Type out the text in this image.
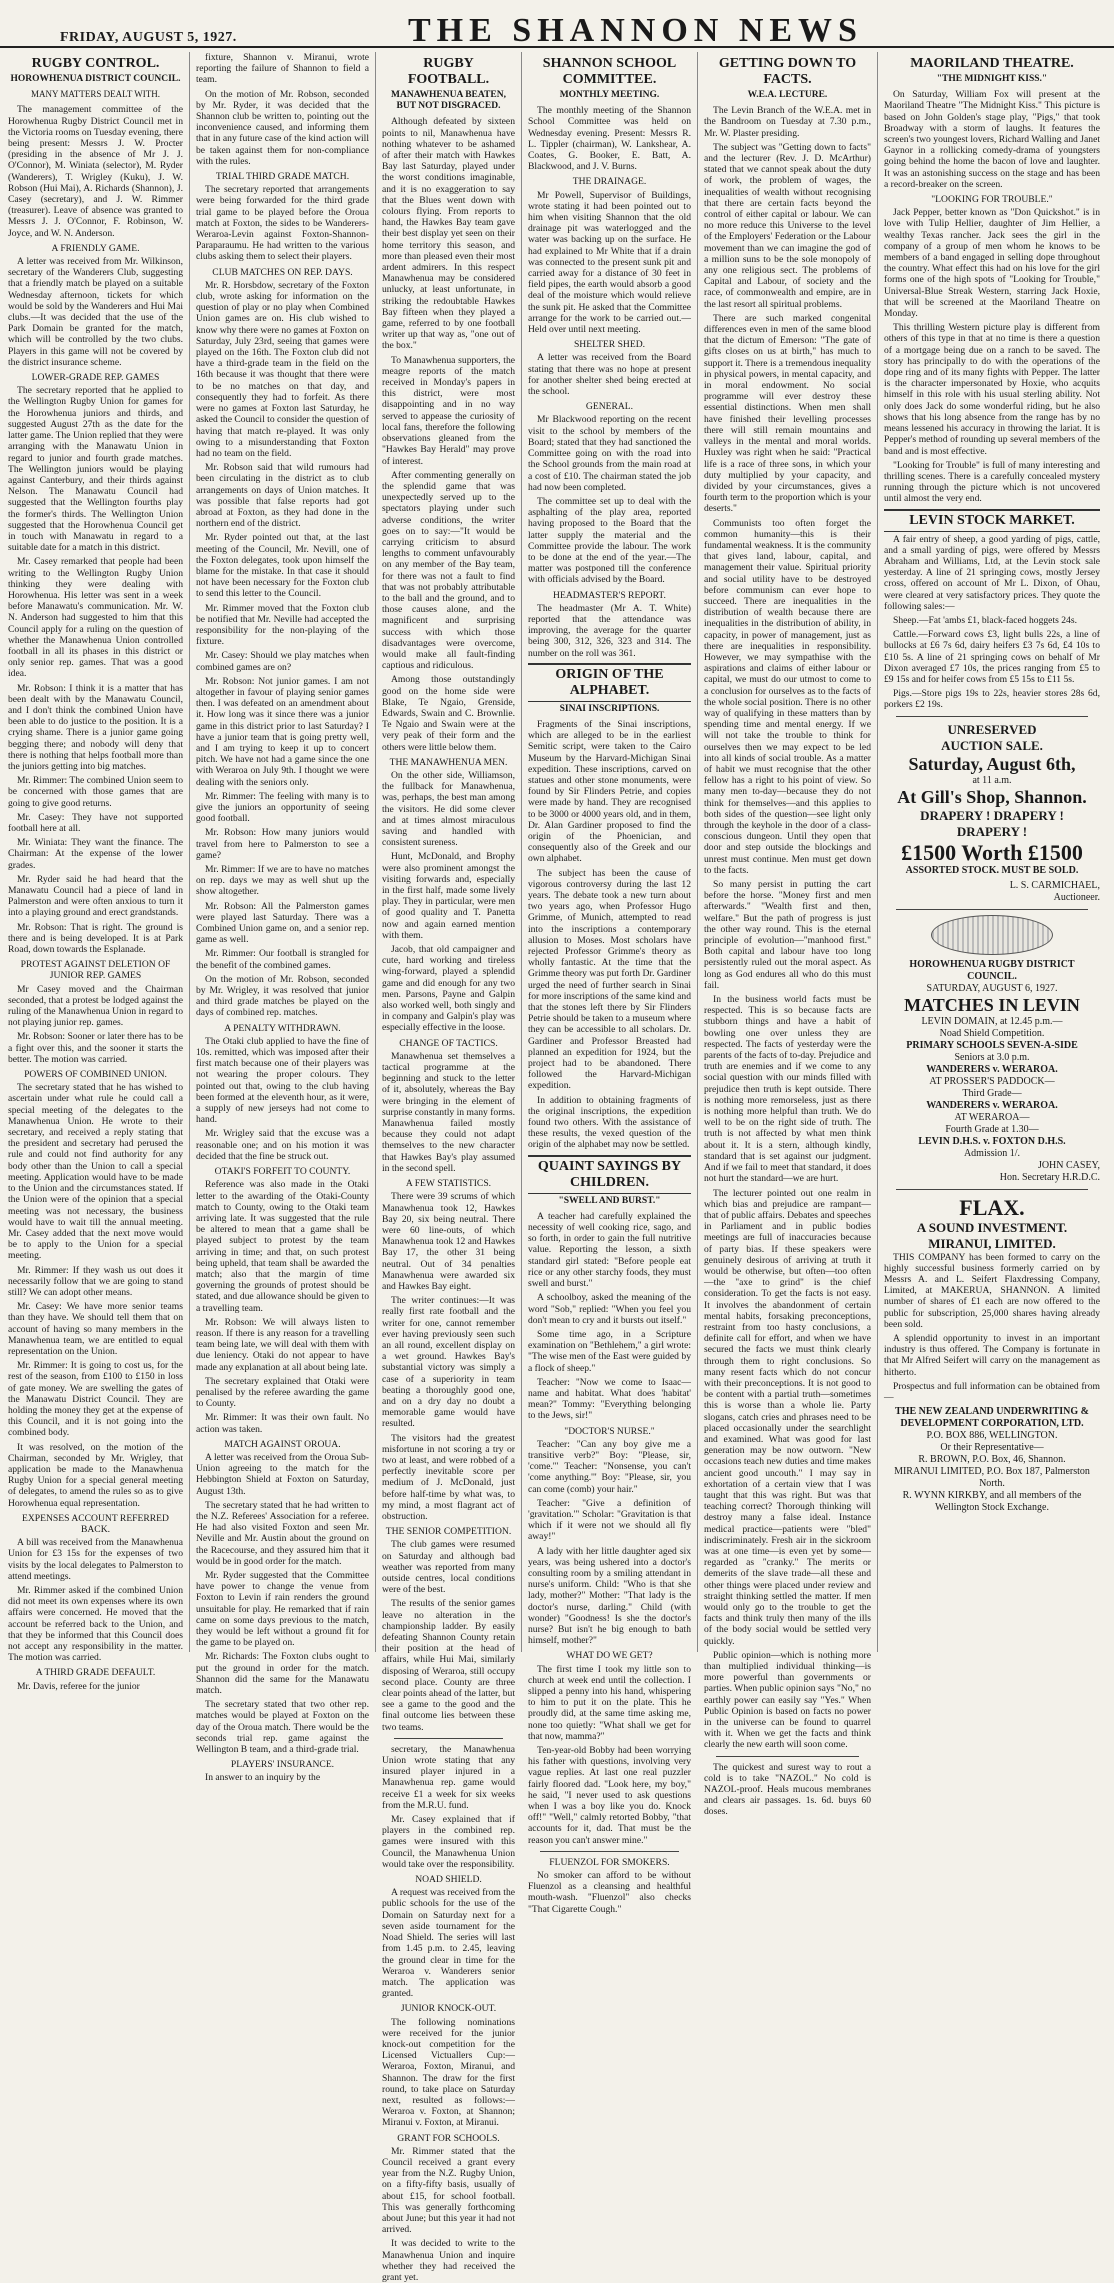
FRIDAY, AUGUST 5, 1927.	THE SHANNON NEWS
RUGBY CONTROL.
HOROWHENUA DISTRICT COUNCIL.
MANY MATTERS DEALT WITH.

The management committee of the Horowhenua Rugby District Council met in the Victoria rooms on Tuesday evening, there being present: Messrs J. W. Procter (presiding in the absence of Mr J. J. O'Connor), M. Winiata (selector), M. Ryder (Wanderers), T. Wrigley (Kuku), J. W. Robson (Hui Mai), A. Richards (Shannon), J. Casey (secretary), and J. W. Rimmer (treasurer). Leave of absence was granted to Messrs J. J. O'Connor, F. Robinson, W. Joyce, and W. N. Anderson.

A FRIENDLY GAME.

A letter was received from Mr. Wilkinson, secretary of the Wanderers Club, suggesting that a friendly match be played on a suitable Wednesday afternoon, tickets for which would be sold by the Wanderers and Hui Mai clubs.—It was decided that the use of the Park Domain be granted for the match, which will be controlled by the two clubs. Players in this game will not be covered by the district insurance scheme.

LOWER-GRADE REP. GAMES

The secretary reported that he applied to the Wellington Rugby Union for games for the Horowhenua juniors and thirds, and suggested August 27th as the date for the latter game. The Union replied that they were arranging with the Manawatu Union in regard to junior and fourth grade matches. The Wellington juniors would be playing against Canterbury, and their thirds against Nelson. The Manawatu Council had suggested that the Wellington fourths play the former's thirds. The Wellington Union suggested that the Horowhenua Council get in touch with Manawatu in regard to a suitable date for a match in this district.

Mr. Casey remarked that people had been writing to the Wellington Rugby Union thinking they were dealing with Horowhenua. His letter was sent in a week before Manawatu's communication. Mr. W. N. Anderson had suggested to him that this Council apply for a ruling on the question of whether the Manawhenua Union controlled football in all its phases in this district or only senior rep. games. That was a good idea.

Mr. Robson: I think it is a matter that has been dealt with by the Manawatu Council, and I don't think the combined Union have been able to do justice to the position. It is a crying shame. There is a junior game going begging there; and nobody will deny that there is nothing that helps football more than the juniors getting into big matches.

Mr. Rimmer: The combined Union seem to be concerned with those games that are going to give good returns.

Mr. Casey: They have not supported football here at all.

Mr. Winiata: They want the finance. The Chairman: At the expense of the lower grades.

Mr. Ryder said he had heard that the Manawatu Council had a piece of land in Palmerston and were often anxious to turn it into a playing ground and erect grandstands.

Mr. Robson: That is right. The ground is there and is being developed. It is at Park Road, down towards the Esplanade.

PROTEST AGAINST DELETION OF JUNIOR REP. GAMES

Mr Casey moved and the Chairman seconded, that a protest be lodged against the ruling of the Manawhenua Union in regard to not playing junior rep. games.

Mr. Robson: Sooner or later there has to be a fight over this, and the sooner it starts the better. The motion was carried.

POWERS OF COMBINED UNION.

The secretary stated that he has wished to ascertain under what rule he could call a special meeting of the delegates to the Manawhenua Union. He wrote to their secretary, and received a reply stating that the president and secretary had perused the rule and could not find authority for any body other than the Union to call a special meeting. Application would have to be made to the Union and the circumstances stated. If the Union were of the opinion that a special meeting was not necessary, the business would have to wait till the annual meeting. Mr. Casey added that the next move would be to apply to the Union for a special meeting.

Mr. Rimmer: If they wash us out does it necessarily follow that we are going to stand still? We can adopt other means.

Mr. Casey: We have more senior teams than they have. We should tell them that on account of having so many members in the Manawhenua team, we are entitled to equal representation on the Union.

Mr. Rimmer: It is going to cost us, for the rest of the season, from £100 to £150 in loss of gate money. We are swelling the gates of the Manawatu District Council. They are holding the money they get at the expense of this Council, and it is not going into the combined body.

It was resolved, on the motion of the Chairman, seconded by Mr. Wrigley, that application be made to the Manawhenua Rugby Union for a special general meeting of delegates, to amend the rules so as to give Horowhenua equal representation.

EXPENSES ACCOUNT REFERRED BACK.

A bill was received from the Manawhenua Union for £3 15s for the expenses of two visits by the local delegates to Palmerston to attend meetings.

Mr. Rimmer asked if the combined Union did not meet its own expenses where its own affairs were concerned. He moved that the account be referred back to the Union, and that they be informed that this Council does not accept any responsibility in the matter. The motion was carried.

A THIRD GRADE DEFAULT.

Mr. Davis, referee for the junior

fixture, Shannon v. Miranui, wrote reporting the failure of Shannon to field a team.

On the motion of Mr. Robson, seconded by Mr. Ryder, it was decided that the Shannon club be written to, pointing out the inconvenience caused, and informing them that in any future case of the kind action will be taken against them for non-compliance with the rules.

TRIAL THIRD GRADE MATCH.

The secretary reported that arrangements were being forwarded for the third grade trial game to be played before the Oroua match at Foxton, the sides to be Wanderers-Weraroa-Levin against Foxton-Shannon-Paraparaumu. He had written to the various clubs asking them to select their players.

CLUB MATCHES ON REP. DAYS.

Mr. R. Horsbdow, secretary of the Foxton club, wrote asking for information on the question of play or no play when Combined Union games are on. His club wished to know why there were no games at Foxton on Saturday, July 23rd, seeing that games were played on the 16th. The Foxton club did not have a third-grade team in the field on the 16th because it was thought that there were to be no matches on that day, and consequently they had to forfeit. As there were no games at Foxton last Saturday, he asked the Council to consider the question of having that match re-played. It was only owing to a misunderstanding that Foxton had no team on the field.

Mr. Robson said that wild rumours had been circulating in the district as to club arrangements on days of Union matches. It was possible that false reports had got abroad at Foxton, as they had done in the northern end of the district.

Mr. Ryder pointed out that, at the last meeting of the Council, Mr. Nevill, one of the Foxton delegates, took upon himself the blame for the mistake. In that case it should not have been necessary for the Foxton club to send this letter to the Council.

Mr. Rimmer moved that the Foxton club be notified that Mr. Neville had accepted the responsibility for the non-playing of the fixture.

Mr. Casey: Should we play matches when combined games are on?

Mr. Robson: Not junior games. I am not altogether in favour of playing senior games then. I was defeated on an amendment about it. How long was it since there was a junior game in this district prior to last Saturday? I have a junior team that is going pretty well, and I am trying to keep it up to concert pitch. We have not had a game since the one with Weraroa on July 9th. I thought we were dealing with the seniors only.

Mr. Rimmer: The feeling with many is to give the juniors an opportunity of seeing good football.

Mr. Robson: How many juniors would travel from here to Palmerston to see a game?

Mr. Rimmer: If we are to have no matches on rep. days we may as well shut up the show altogether.

Mr. Robson: All the Palmerston games were played last Saturday. There was a Combined Union game on, and a senior rep. game as well.

Mr. Rimmer: Our football is strangled for the benefit of the combined games.

On the motion of Mr. Robson, seconded by Mr. Wrigley, it was resolved that junior and third grade matches be played on the days of combined rep. matches.

A PENALTY WITHDRAWN.

The Otaki club applied to have the fine of 10s. remitted, which was imposed after their first match because one of their players was not wearing the proper colours. They pointed out that, owing to the club having been formed at the eleventh hour, as it were, a supply of new jerseys had not come to hand.

Mr. Wrigley said that the excuse was a reasonable one; and on his motion it was decided that the fine be struck out.

OTAKI'S FORFEIT TO COUNTY.

Reference was also made in the Otaki letter to the awarding of the Otaki-County match to County, owing to the Otaki team arriving late. It was suggested that the rule be altered to mean that a game shall be played subject to protest by the team arriving in time; and that, on such protest being upheld, that team shall be awarded the match; also that the margin of time governing the grounds of protest should be stated, and due allowance should be given to a travelling team.

Mr. Robson: We will always listen to reason. If there is any reason for a travelling team being late, we will deal with them with due leniency. Otaki do not appear to have made any explanation at all about being late.

The secretary explained that Otaki were penalised by the referee awarding the game to County.

Mr. Rimmer: It was their own fault. No action was taken.

MATCH AGAINST OROUA.

A letter was received from the Oroua Sub-Union agreeing to the match for the Hebbington Shield at Foxton on Saturday, August 13th.

The secretary stated that he had written to the N.Z. Referees' Association for a referee. He had also visited Foxton and seen Mr. Neville and Mr. Austin about the ground on the Racecourse, and they assured him that it would be in good order for the match.

Mr. Ryder suggested that the Committee have power to change the venue from Foxton to Levin if rain renders the ground unsuitable for play. He remarked that if rain came on some days previous to the match, they would be left without a ground fit for the game to be played on.

Mr. Richards: The Foxton clubs ought to put the ground in order for the match. Shannon did the same for the Manawatu match.

The secretary stated that two other rep. matches would be played at Foxton on the day of the Oroua match. There would be the seconds trial rep. game against the Wellington B team, and a third-grade trial.

PLAYERS' INSURANCE.

In answer to an inquiry by the

RUGBY FOOTBALL.
MANAWHENUA BEATEN, BUT NOT DISGRACED.

Although defeated by sixteen points to nil, Manawhenua have nothing whatever to be ashamed of after their match with Hawkes Bay last Saturday, played under the worst conditions imaginable, and it is no exaggeration to say that the Blues went down with colours flying. From reports to hand, the Hawkes Bay team gave their best display yet seen on their home territory this season, and more than pleased even their most ardent admirers. In this respect Manawhenua may be considered unlucky, at least unfortunate, in striking the redoubtable Hawkes Bay fifteen when they played a game, referred to by one football writer up that way as, "one out of the box."

To Manawhenua supporters, the meagre reports of the match received in Monday's papers in this district, were most disappointing and in no way served to appease the curiosity of local fans, therefore the following observations gleaned from the "Hawkes Bay Herald" may prove of interest.

After commenting generally on the splendid game that was unexpectedly served up to the spectators playing under such adverse conditions, the writer goes on to say:—"It would be carrying criticism to absurd lengths to comment unfavourably on any member of the Bay team, for there was not a fault to find that was not probably attributable to the ball and the ground, and to those causes alone, and the magnificent and surprising success with which those disadvantages were overcome, would make all fault-finding captious and ridiculous.

Among those outstandingly good on the home side were Blake, Te Ngaio, Grenside, Edwards, Swain and C. Brownlie. Te Ngaio and Swain were at the very peak of their form and the others were little below them.

THE MANAWHENUA MEN.

On the other side, Williamson, the fullback for Manawhenua, was, perhaps, the best man among the visitors. He did some clever and at times almost miraculous saving and handled with consistent sureness.

Hunt, McDonald, and Brophy were also prominent amongst the visiting forwards and, especially in the first half, made some lively play. They in particular, were men of good quality and T. Panetta now and again earned mention with them.

Jacob, that old campaigner and cute, hard working and tireless wing-forward, played a splendid game and did enough for any two men. Parsons, Payne and Galpin also worked well, both singly and in company and Galpin's play was especially effective in the loose.

CHANGE OF TACTICS.

Manawhenua set themselves a tactical programme at the beginning and stuck to the letter of it, absolutely, whereas the Bay were bringing in the element of surprise constantly in many forms. Manawhenua failed mostly because they could not adapt themselves to the new character that Hawkes Bay's play assumed in the second spell.

A FEW STATISTICS.

There were 39 scrums of which Manawhenua took 12, Hawkes Bay 20, six being neutral. There were 60 line-outs, of which Manawhenua took 12 and Hawkes Bay 17, the other 31 being neutral. Out of 34 penalties Manawhenua were awarded six and Hawkes Bay eight.

The writer continues:—It was really first rate football and the writer for one, cannot remember ever having previously seen such an all round, excellent display on a wet ground. Hawkes Bay's substantial victory was simply a case of a superiority in team beating a thoroughly good one, and on a dry day no doubt a memorable game would have resulted.

The visitors had the greatest misfortune in not scoring a try or two at least, and were robbed of a perfectly inevitable score per medium of J. McDonald, just before half-time by what was, to my mind, a most flagrant act of obstruction.

THE SENIOR COMPETITION.

The club games were resumed on Saturday and although bad weather was reported from many outside centres, local conditions were of the best.

The results of the senior games leave no alteration in the championship ladder. By easily defeating Shannon County retain their position at the head of affairs, while Hui Mai, similarly disposing of Weraroa, still occupy second place. County are three clear points ahead of the latter, but see a game to the good and the final outcome lies between these two teams.

secretary, the Manawhenua Union wrote stating that any insured player injured in a Manawhenua rep. game would receive £1 a week for six weeks from the M.R.U. fund.

Mr. Casey explained that if players in the combined rep. games were insured with this Council, the Manawhenua Union would take over the responsibility.

NOAD SHIELD.

A request was received from the public schools for the use of the Domain on Saturday next for a seven aside tournament for the Noad Shield. The series will last from 1.45 p.m. to 2.45, leaving the ground clear in time for the Weraroa v. Wanderers senior match. The application was granted.

JUNIOR KNOCK-OUT.

The following nominations were received for the junior knock-out competition for the Licensed Victuallers Cup:—Weraroa, Foxton, Miranui, and Shannon. The draw for the first round, to take place on Saturday next, resulted as follows:—Weraroa v. Foxton, at Shannon; Miranui v. Foxton, at Miranui.

GRANT FOR SCHOOLS.

Mr. Rimmer stated that the Council received a grant every year from the N.Z. Rugby Union, on a fifty-fifty basis, usually of about £15, for school football. This was generally forthcoming about June; but this year it had not arrived.

It was decided to write to the Manawhenua Union and inquire whether they had received the grant yet.

SHANNON SCHOOL COMMITTEE.
MONTHLY MEETING.

The monthly meeting of the Shannon School Committee was held on Wednesday evening. Present: Messrs R. L. Tippler (chairman), W. Lankshear, A. Coates, G. Booker, E. Batt, A. Blackwood, and J. V. Burns.

THE DRAINAGE.

Mr Powell, Supervisor of Buildings, wrote stating it had been pointed out to him when visiting Shannon that the old drainage pit was waterlogged and the water was backing up on the surface. He had explained to Mr White that if a drain was connected to the present sunk pit and carried away for a distance of 30 feet in field pipes, the earth would absorb a good deal of the moisture which would relieve the sunk pit. He asked that the Committee arrange for the work to be carried out.—Held over until next meeting.

SHELTER SHED.

A letter was received from the Board stating that there was no hope at present for another shelter shed being erected at the school.

GENERAL.

Mr Blackwood reporting on the recent visit to the school by members of the Board; stated that they had sanctioned the Committee going on with the road into the School grounds from the main road at a cost of £10. The chairman stated the job had now been completed.

The committee set up to deal with the asphalting of the play area, reported having proposed to the Board that the latter supply the material and the Committee provide the labour. The work to be done at the end of the year.—The matter was postponed till the conference with officials advised by the Board.

HEADMASTER'S REPORT.

The headmaster (Mr A. T. White) reported that the attendance was improving, the average for the quarter being 300, 312, 326, 323 and 314. The number on the roll was 361.

ORIGIN OF THE ALPHABET.
SINAI INSCRIPTIONS.

Fragments of the Sinai inscriptions, which are alleged to be in the earliest Semitic script, were taken to the Cairo Museum by the Harvard-Michigan Sinai expedition. These inscriptions, carved on statues and other stone monuments, were found by Sir Flinders Petrie, and copies were made by hand. They are recognised to be 3000 or 4000 years old, and in them, Dr. Alan Gardiner proposed to find the origin of the Phoenician, and consequently also of the Greek and our own alphabet.

The subject has been the cause of vigorous controversy during the last 12 years. The debate took a new turn about two years ago, when Professor Hugo Grimme, of Munich, attempted to read into the inscriptions a contemporary allusion to Moses. Most scholars have rejected Professor Grimme's theory as wholly fantastic. At the time that the Grimme theory was put forth Dr. Gardiner urged the need of further search in Sinai for more inscriptions of the same kind and that the stones left there by Sir Flinders Petrie should be taken to a museum where they can be accessible to all scholars. Dr. Gardiner and Professor Breasted had planned an expedition for 1924, but the project had to be abandoned. There followed the Harvard-Michigan expedition.

In addition to obtaining fragments of the original inscriptions, the expedition found two others. With the assistance of these results, the vexed question of the origin of the alphabet may now be settled.

QUAINT SAYINGS BY CHILDREN.
"SWELL AND BURST."

A teacher had carefully explained the necessity of well cooking rice, sago, and so forth, in order to gain the full nutritive value. Reporting the lesson, a sixth standard girl stated: "Before people eat rice or any other starchy foods, they must swell and burst."

A schoolboy, asked the meaning of the word "Sob," replied: "When you feel you don't mean to cry and it bursts out itself."

Some time ago, in a Scripture examination on "Bethlehem," a girl wrote: "The wise men of the East were guided by a flock of sheep."

Teacher: "Now we come to Isaac— name and habitat. What does 'habitat' mean?" Tommy: "Everything belonging to the Jews, sir!"

"DOCTOR'S NURSE."

Teacher: "Can any boy give me a transitive verb?" Boy: "Please, sir, 'come.'" Teacher: "Nonsense, you can't 'come anything.'" Boy: "Please, sir, you can come (comb) your hair."

Teacher: "Give a definition of 'gravitation.'" Scholar: "Gravitation is that which if it were not we should all fly away!"

A lady with her little daughter aged six years, was being ushered into a doctor's consulting room by a smiling attendant in nurse's uniform. Child: "Who is that she lady, mother?" Mother: "That lady is the doctor's nurse, darling." Child (with wonder) "Goodness! Is she the doctor's nurse? But isn't he big enough to bath himself, mother?"

WHAT DO WE GET?

The first time I took my little son to church at week end until the collection. I slipped a penny into his hand, whispering to him to put it on the plate. This he proudly did, at the same time asking me, none too quietly: "What shall we get for that now, mamma?"

Ten-year-old Bobby had been worrying his father with questions, involving very vague replies. At last one real puzzler fairly floored dad. "Look here, my boy," he said, "I never used to ask questions when I was a boy like you do. Knock off!" "Well," calmly retorted Bobby, "that accounts for it, dad. That must be the reason you can't answer mine."

FLUENZOL FOR SMOKERS.

No smoker can afford to be without Fluenzol as a cleansing and healthful mouth-wash. "Fluenzol" also checks "That Cigarette Cough."

GETTING DOWN TO FACTS.
W.E.A. LECTURE.

The Levin Branch of the W.E.A. met in the Bandroom on Tuesday at 7.30 p.m., Mr. W. Plaster presiding.

The subject was "Getting down to facts" and the lecturer (Rev. J. D. McArthur) stated that we cannot speak about the duty of work, the problem of wages, the inequalities of wealth without recognising that there are certain facts beyond the control of either capital or labour. We can no more reduce this Universe to the level of the Employers' Federation or the Labour movement than we can imagine the god of a million suns to be the sole monopoly of any one religious sect. The problems of Capital and Labour, of society and the race, of commonwealth and empire, are in the last resort all spiritual problems.

There are such marked congenital differences even in men of the same blood that the dictum of Emerson: "The gate of gifts closes on us at birth," has much to support it. There is a tremendous inequality in physical powers, in mental capacity, and in moral endowment. No social programme will ever destroy these essential distinctions. When men shall have finished their levelling processes there will still remain mountains and valleys in the mental and moral worlds. Huxley was right when he said: "Practical life is a race of three sons, in which your duty multiplied by your capacity, and divided by your circumstances, gives a fourth term to the proportion which is your deserts."

Communists too often forget the common humanity—this is their fundamental weakness. It is the community that gives land, labour, capital, and management their value. Spiritual priority and social utility have to be destroyed before communism can ever hope to succeed. There are inequalities in the distribution of wealth because there are inequalities in the distribution of ability, in capacity, in power of management, just as there are inequalities in responsibility. However, we may sympathise with the aspirations and claims of either labour or capital, we must do our utmost to come to a conclusion for ourselves as to the facts of the whole social position. There is no other way of qualifying in these matters than by spending time and mental energy. If we will not take the trouble to think for ourselves then we may expect to be led into all kinds of social trouble. As a matter of habit we must recognise that the other fellow has a right to his point of view. So many men to-day—because they do not think for themselves—and this applies to both sides of the question—see light only through the keyhole in the door of a class-conscious dungeon. Until they open that door and step outside the blockings and unrest must continue. Men must get down to the facts.

So many persist in putting the cart before the horse. "Money first and men afterwards." "Wealth first and then, welfare." But the path of progress is just the other way round. This is the eternal principle of evolution—"manhood first." Both capital and labour have too long persistently ruled out the moral aspect. As long as God endures all who do this must fail.

In the business world facts must be respected. This is so because facts are stubborn things and have a habit of bowling one over unless they are respected. The facts of yesterday were the parents of the facts of to-day. Prejudice and truth are enemies and if we come to any social question with our minds filled with prejudice then truth is kept outside. There is nothing more remorseless, just as there is nothing more helpful than truth. We do well to be on the right side of truth. The truth is not affected by what men think about it. It is a stern, although kindly, standard that is set against our judgment. And if we fail to meet that standard, it does not hurt the standard—we are hurt.

The lecturer pointed out one realm in which bias and prejudice are rampant—that of public affairs. Debates and speeches in Parliament and in public bodies meetings are full of inaccuracies because of party bias. If these speakers were genuinely desirous of arriving at truth it would be otherwise, but often—too often—the "axe to grind" is the chief consideration. To get the facts is not easy. It involves the abandonment of certain mental habits, forsaking preconceptions, restraint from too hasty conclusions, a definite call for effort, and when we have secured the facts we must think clearly through them to right conclusions. So many resent facts which do not concur with their preconceptions. It is not good to be content with a partial truth—sometimes this is worse than a whole lie. Party slogans, catch cries and phrases need to be placed occasionally under the searchlight and examined. What was good for last generation may be now outworn. "New occasions teach new duties and time makes ancient good uncouth." I may say in exhortation of a certain view that I was taught that this was right. But was that teaching correct? Thorough thinking will destroy many a false ideal. Instance medical practice—patients were "bled" indiscriminately. Fresh air in the sickroom was at one time—is even yet by some—regarded as "cranky." The merits or demerits of the slave trade—all these and other things were placed under review and straight thinking settled the matter. If men would only go to the trouble to get the facts and think truly then many of the ills of the body social would be settled very quickly.

Public opinion—which is nothing more than multiplied individual thinking—is more powerful than governments or parties. When public opinion says "No," no earthly power can easily say "Yes." When Public Opinion is based on facts no power in the universe can be found to quarrel with it. When we get the facts and think clearly the new earth will soon come.

The quickest and surest way to rout a cold is to take "NAZOL." No cold is NAZOL-proof. Heals mucous membranes and clears air passages. 1s. 6d. buys 60 doses.

MAORILAND THEATRE.
"THE MIDNIGHT KISS."

On Saturday, William Fox will present at the Maoriland Theatre "The Midnight Kiss." This picture is based on John Golden's stage play, "Pigs," that took Broadway with a storm of laughs. It features the screen's two youngest lovers, Richard Walling and Janet Gaynor in a rollicking comedy-drama of youngsters going behind the home the bacon of love and laughter. It was an astonishing success on the stage and has been a record-breaker on the screen.

"LOOKING FOR TROUBLE."

Jack Pepper, better known as "Don Quickshot." is in love with Tulip Hellier, daughter of Jim Hellier, a wealthy Texas rancher. Jack sees the girl in the company of a group of men whom he knows to be members of a band engaged in selling dope throughout the country. What effect this had on his love for the girl forms one of the high spots of "Looking for Trouble," Universal-Blue Streak Western, starring Jack Hoxie, that will be screened at the Maoriland Theatre on Monday.

This thrilling Western picture play is different from others of this type in that at no time is there a question of a mortgage being due on a ranch to be saved. The story has principally to do with the operations of the dope ring and of its many fights with Pepper. The latter is the character impersonated by Hoxie, who acquits himself in this role with his usual sterling ability. Not only does Jack do some wonderful riding, but he also shows that his long absence from the range has by no means lessened his accuracy in throwing the lariat. It is Pepper's method of rounding up several members of the band and is most effective.

"Looking for Trouble" is full of many interesting and thrilling scenes. There is a carefully concealed mystery running through the picture which is not uncovered until almost the very end.

LEVIN STOCK MARKET.

A fair entry of sheep, a good yarding of pigs, cattle, and a small yarding of pigs, were offered by Messrs Abraham and Williams, Ltd, at the Levin stock sale yesterday. A line of 21 springing cows, mostly Jersey cross, offered on account of Mr L. Dixon, of Ohau, were cleared at very satisfactory prices. They quote the following sales:—

Sheep.—Fat 'ambs £1, black-faced hoggets 24s.

Cattle.—Forward cows £3, light bulls 22s, a line of bullocks at £6 7s 6d, dairy heifers £3 7s 6d, £4 10s to £10 5s. A line of 21 springing cows on behalf of Mr Dixon averaged £7 10s, the prices ranging from £5 to £9 15s and for heifer cows from £5 15s to £11 5s.

Pigs.—Store pigs 19s to 22s, heavier stores 28s 6d, porkers £2 19s.

UNRESERVED
AUCTION SALE.
Saturday, August 6th,
at 11 a.m.
At Gill's Shop, Shannon.
DRAPERY ! DRAPERY !
DRAPERY !
£1500 Worth £1500
ASSORTED STOCK. MUST BE SOLD.
L. S. CARMICHAEL,
Auctioneer.
HOROWHENUA RUGBY DISTRICT COUNCIL.
SATURDAY, AUGUST 6, 1927.
MATCHES IN LEVIN
LEVIN DOMAIN, at 12.45 p.m.—
Noad Shield Competition.
PRIMARY SCHOOLS SEVEN-A-SIDE
Seniors at 3.0 p.m.
WANDERERS v. WERAROA.
AT PROSSER'S PADDOCK—
Third Grade—
WANDERERS v. WERAROA.
AT WERAROA—
Fourth Grade at 1.30—
LEVIN D.H.S. v. FOXTON D.H.S.
Admission 1/.
JOHN CASEY,
Hon. Secretary H.R.D.C.
FLAX.
A SOUND INVESTMENT.
MIRANUI, LIMITED.

THIS COMPANY has been formed to carry on the highly successful business formerly carried on by Messrs A. and L. Seifert Flaxdressing Company, Limited, at MAKERUA, SHANNON. A limited number of shares of £1 each are now offered to the public for subscription, 25,000 shares having already been sold.

A splendid opportunity to invest in an important industry is thus offered. The Company is fortunate in that Mr Alfred Seifert will carry on the management as hitherto.

Prospectus and full information can be obtained from—

THE NEW ZEALAND UNDERWRITING & DEVELOPMENT CORPORATION, LTD.
P.O. BOX 886, WELLINGTON.
Or their Representative—
R. BROWN, P.O. Box, 46, Shannon.
MIRANUI LIMITED, P.O. Box 187, Palmerston North.
R. WYNN KIRKBY, and all members of the Wellington Stock Exchange.
